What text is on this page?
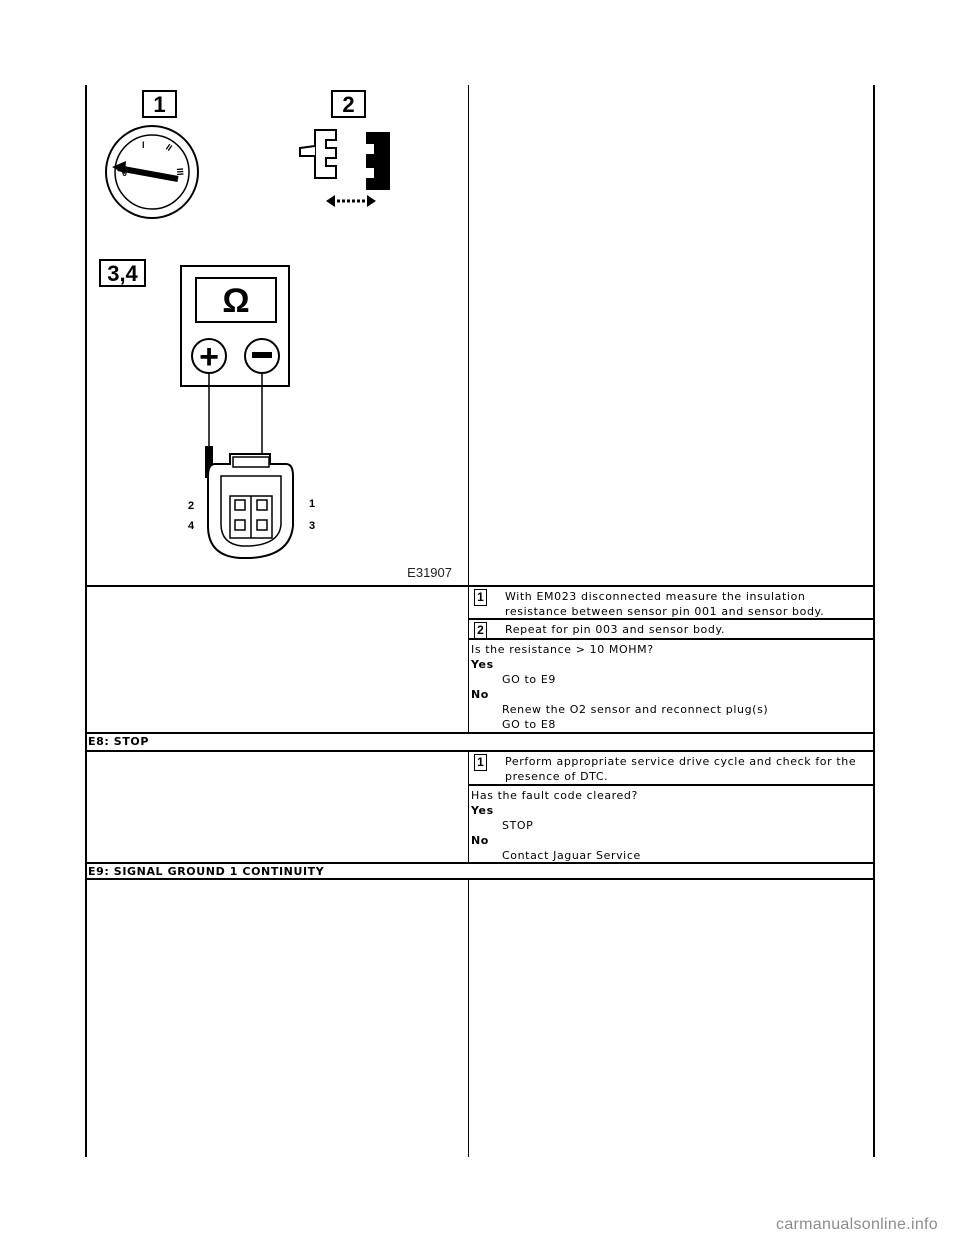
1	2
0
I II
III
3,4
Ω
+
2	1
4	3
E31907
1 With EM023 disconnected measure the insulation
resistance between sensor pin 001 and sensor body.
2 Repeat for pin 003 and sensor body.
Is the resistance > 10 MOHM?
Yes
GO to E9
No
Renew the O2 sensor and reconnect plug(s)
GO to E8
E8: STOP
1 Perform appropriate service drive cycle and check for the
presence of DTC.
Has the fault code cleared?
Yes
STOP
No
Contact Jaguar Service
E9: SIGNAL GROUND 1 CONTINUITY
carmanualsonline.info
